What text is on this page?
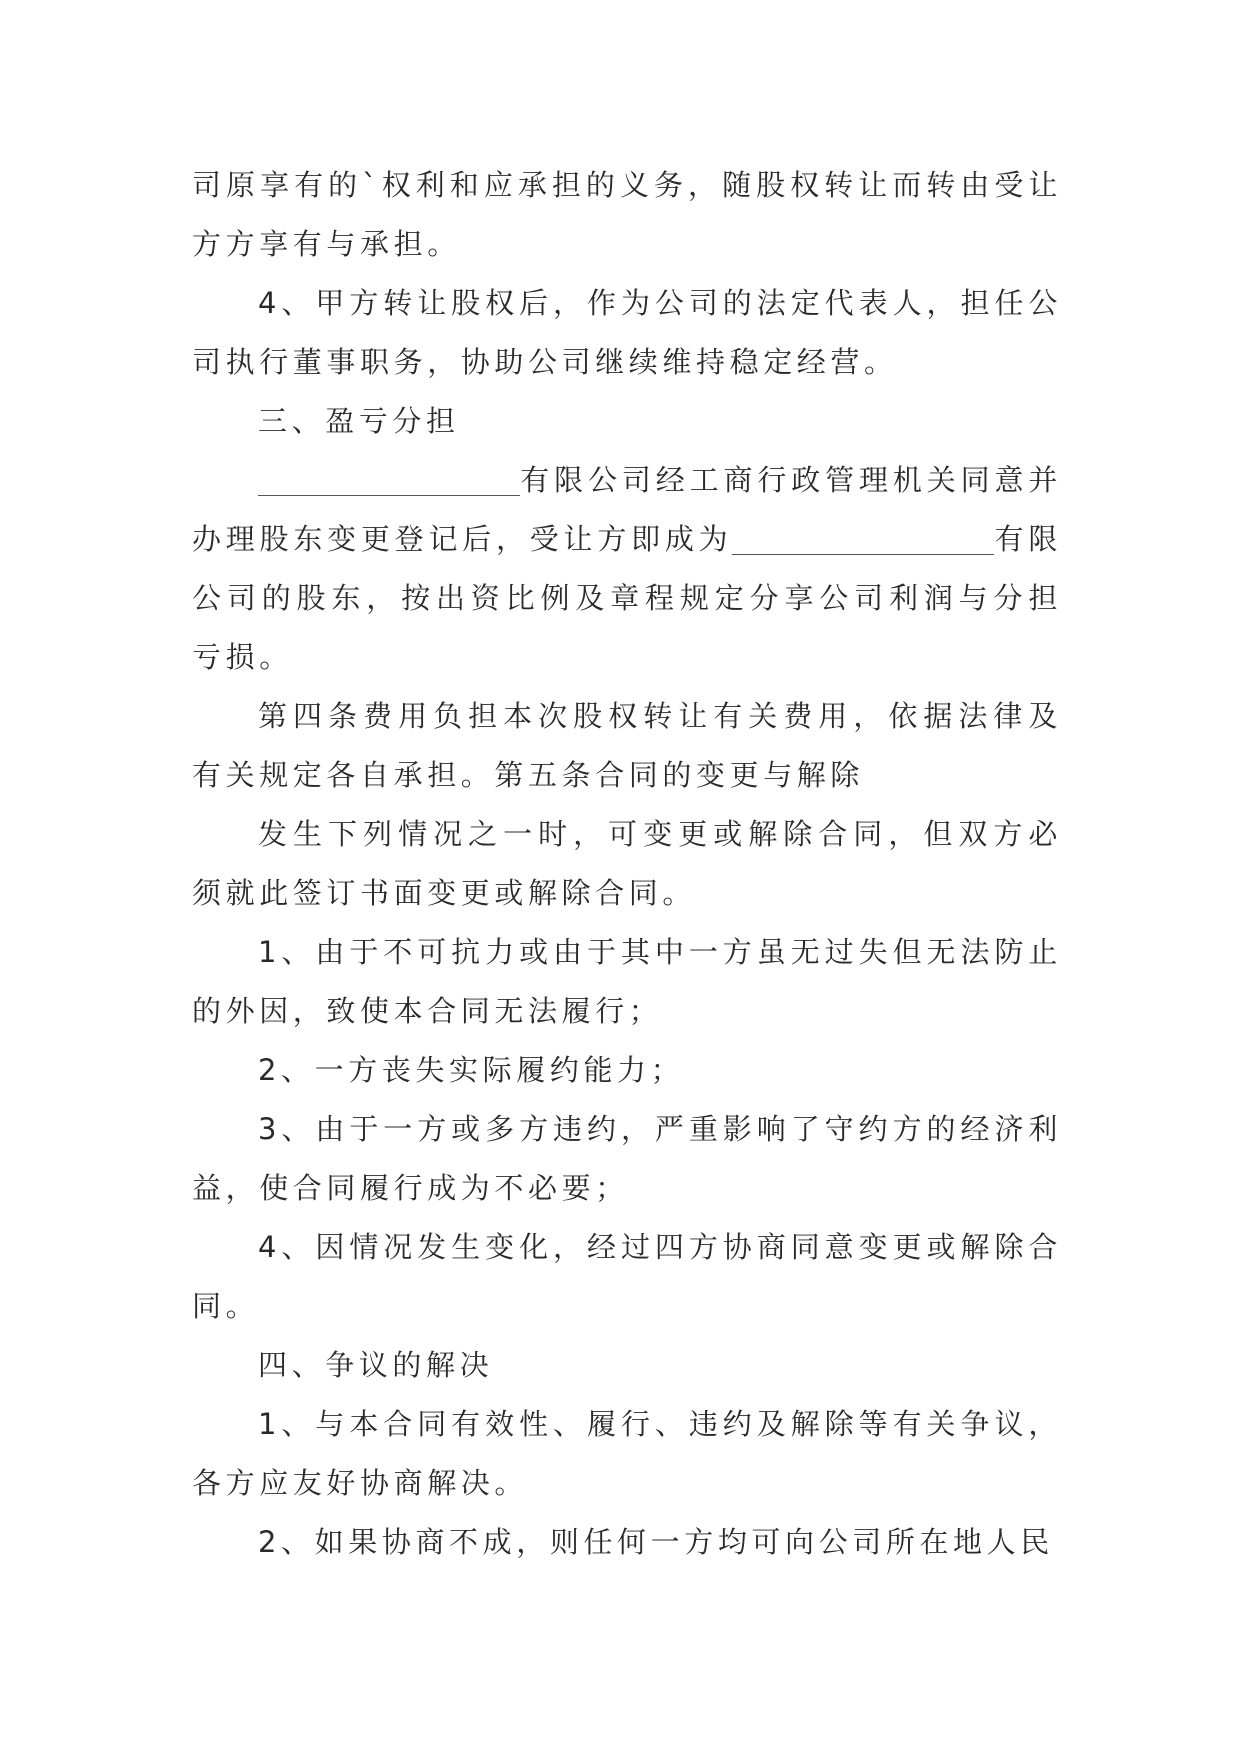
司原享有的`权利和应承担的义务，随股权转让而转由受让方方享有与承担。

4、甲方转让股权后，作为公司的法定代表人，担任公司执行董事职务，协助公司继续维持稳定经营。

三、盈亏分担

有限公司经工商行政管理机关同意并办理股东变更登记后，受让方即成为	有限公司的股东，按出资比例及章程规定分享公司利润与分担亏损。

第四条费用负担本次股权转让有关费用，依据法律及有关规定各自承担。第五条合同的变更与解除

发生下列情况之一时，可变更或解除合同，但双方必须就此签订书面变更或解除合同。

1、由于不可抗力或由于其中一方虽无过失但无法防止的外因，致使本合同无法履行；

2、一方丧失实际履约能力；

3、由于一方或多方违约，严重影响了守约方的经济利益，使合同履行成为不必要；

4、因情况发生变化，经过四方协商同意变更或解除合同。

四、争议的解决

1、与本合同有效性、履行、违约及解除等有关争议，各方应友好协商解决。

2、如果协商不成，则任何一方均可向公司所在地人民
